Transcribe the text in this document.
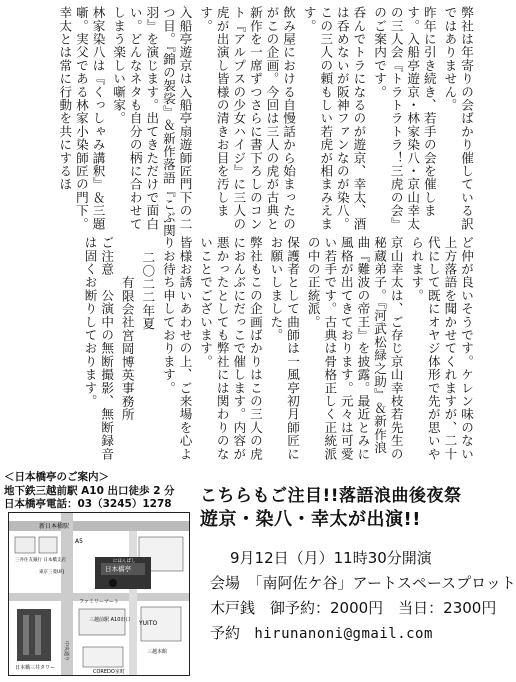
弊社は年寄りの会ばかり催している訳ではありません。

昨年に引き続き、若手の会を催します。入船亭遊京・林家染八・京山幸太の三人会『トラトラトラ！三虎の会』のご案内です。

呑んでトラになるのが遊京、幸太、酒は呑めないが阪神ファンなのが染八。この三人の頼もしい若虎が相まみえます。

飲み屋における自慢話から始まったのがこの企画。今回は三人の虎が古典と新作を一席ずつさらに書下ろしのコント『アルプスの少女ハイジ』に三人の虎が出演し皆様の清きお目を汚します。

入船亭遊京は入船亭扇遊師匠門下の二つ目。『錦の袈裟』＆新作落語『こぶ関羽』を演じます。出てきただけで面白い。どんなネタも自分の柄に合わせてしまう楽しい噺家。

林家染八は『くっしゃみ講釈』＆三題噺。実父である林家小染師匠の門下。幸太とは常に行動を共にするほ

ど仲が良いそうです。ケレン味のない上方落語を聞かせてくれますが、二十代にして既にオヤジ体形で先が思いやられます。

京山幸太は、ご存じ京山幸枝若先生の秘蔵弟子。『河武松緑之助』＆新作浪曲『難波の帝王』を披露。最近とみに風格が出てきております。元々は可愛い若手です。古典は骨格正しく正統派の中の正統派。

保護者として曲師は一風亭初月師匠にお願いしました。

弊社もこの企画ばかりはこの三人の虎におんぶにだっこで催します。内容が悪かったとしても弊社には関わりのないことでございます。

皆様お誘いあわせの上、ご来場を心よりお待ち申しております。

二〇二二年夏

有限会社宮岡博英事務所

ご注意　公演中の無断撮影、無断録音は固くお断りしております。

＜日本橋亭のご案内＞
地下鉄三越前駅 A10 出口徒歩 2 分
日本橋亭電話：03（3245）1278
新日本橋駅
三井住友銀行 日本橋支店
A5
東京三菱UFJ	日本橋亭
にほんばし
ファミリーマート
三越前駅 A10出口 YUITO
日本橋三井タワー
COREDO室町
中央通り	三越本館
こちらもご注目!!落語浪曲後夜祭
遊京・染八・幸太が出演!!
9月12日（月）11時30分開演
会場　「南阿佐ケ谷」アートスペースプロット
木戸銭　御予約：2000円　当日：2300円
予約 hirunanoni@gmail.com
